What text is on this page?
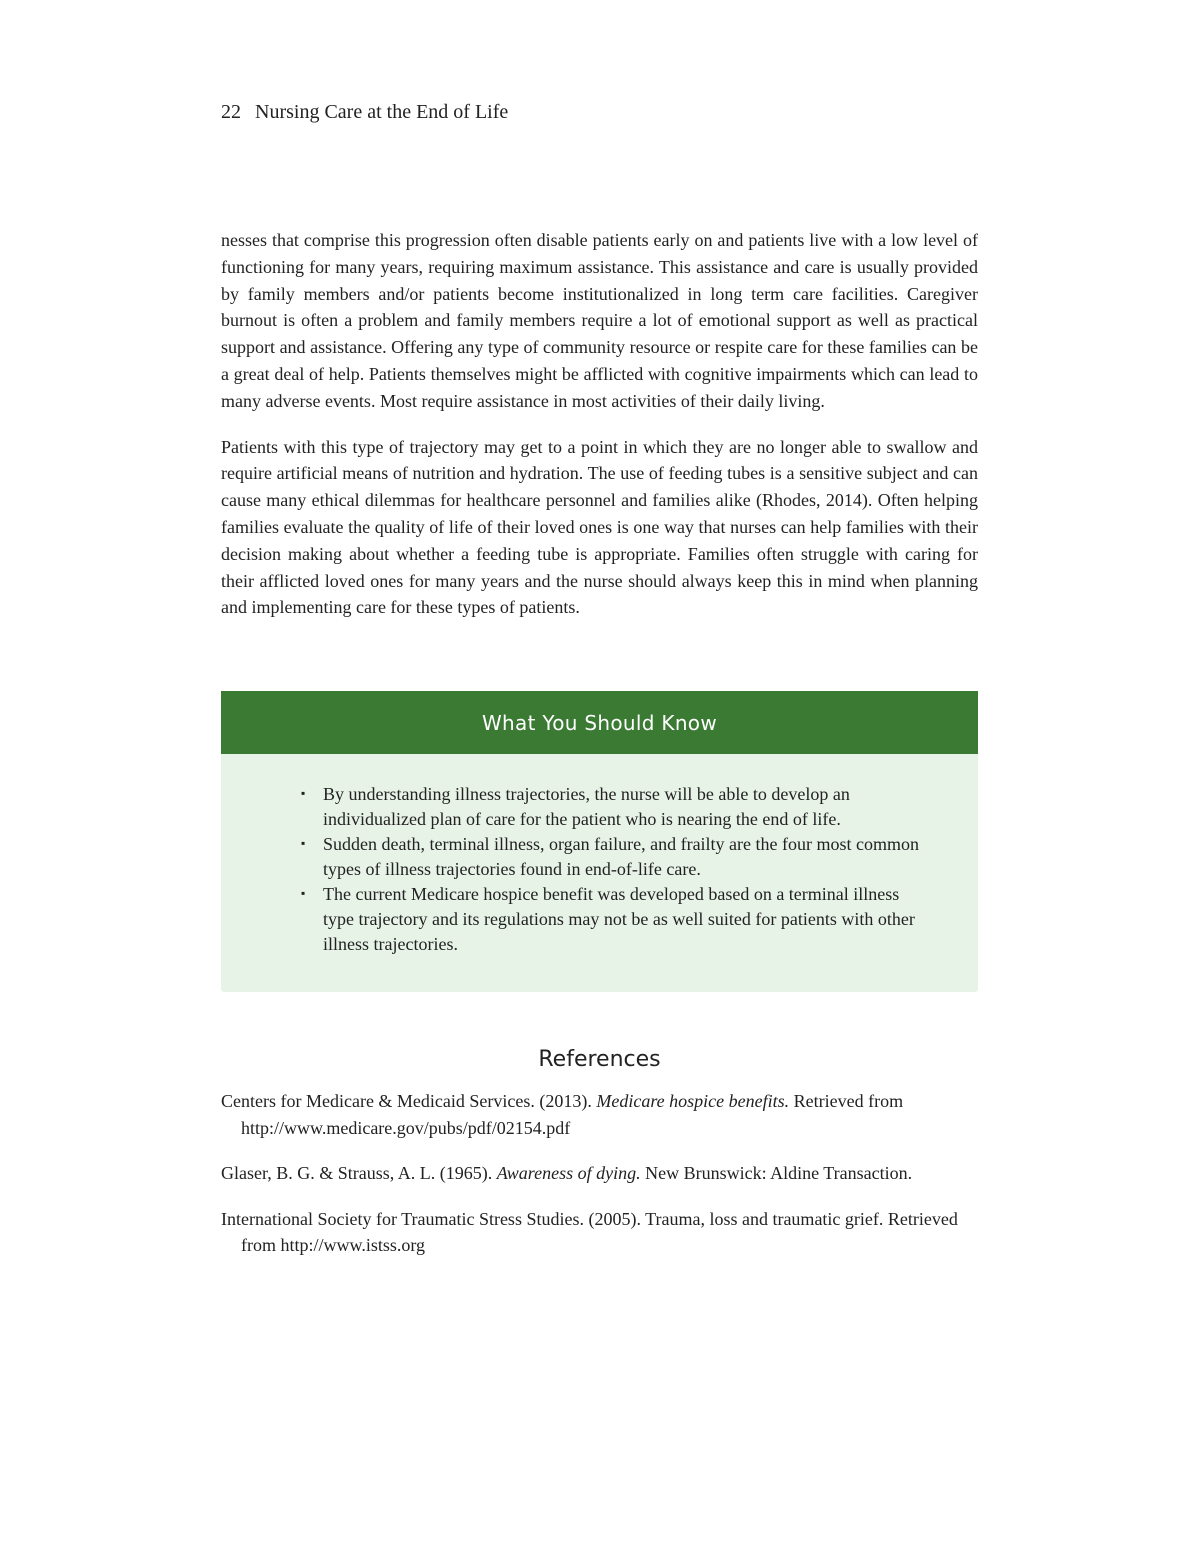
22 Nursing Care at the End of Life

nesses that comprise this progression often disable patients early on and patients live with a low level of functioning for many years, requiring maximum assistance. This assistance and care is usually provided by family members and/or patients become institutionalized in long term care facilities. Caregiver burnout is often a problem and family members require a lot of emotional support as well as practical support and assistance. Offering any type of community resource or respite care for these families can be a great deal of help. Patients themselves might be afflicted with cognitive impairments which can lead to many adverse events. Most require assistance in most activities of their daily living.

Patients with this type of trajectory may get to a point in which they are no longer able to swallow and require artificial means of nutrition and hydration. The use of feeding tubes is a sensitive subject and can cause many ethical dilemmas for healthcare personnel and families alike (Rhodes, 2014). Often helping families evaluate the quality of life of their loved ones is one way that nurses can help families with their decision making about whether a feeding tube is appropriate. Families often struggle with caring for their afflicted loved ones for many years and the nurse should always keep this in mind when planning and implementing care for these types of patients.

What You Should Know
▪ By understanding illness trajectories, the nurse will be able to develop an individualized plan of care for the patient who is nearing the end of life.
▪ Sudden death, terminal illness, organ failure, and frailty are the four most common types of illness trajectories found in end-of-life care.
▪ The current Medicare hospice benefit was developed based on a terminal illness type trajectory and its regulations may not be as well suited for patients with other illness trajectories.
References
Centers for Medicare & Medicaid Services. (2013). Medicare hospice benefits. Retrieved from http://www.medicare.gov/pubs/pdf/02154.pdf
Glaser, B. G. & Strauss, A. L. (1965). Awareness of dying. New Brunswick: Aldine Transaction.
International Society for Traumatic Stress Studies. (2005). Trauma, loss and traumatic grief. Retrieved from http://www.istss.org
